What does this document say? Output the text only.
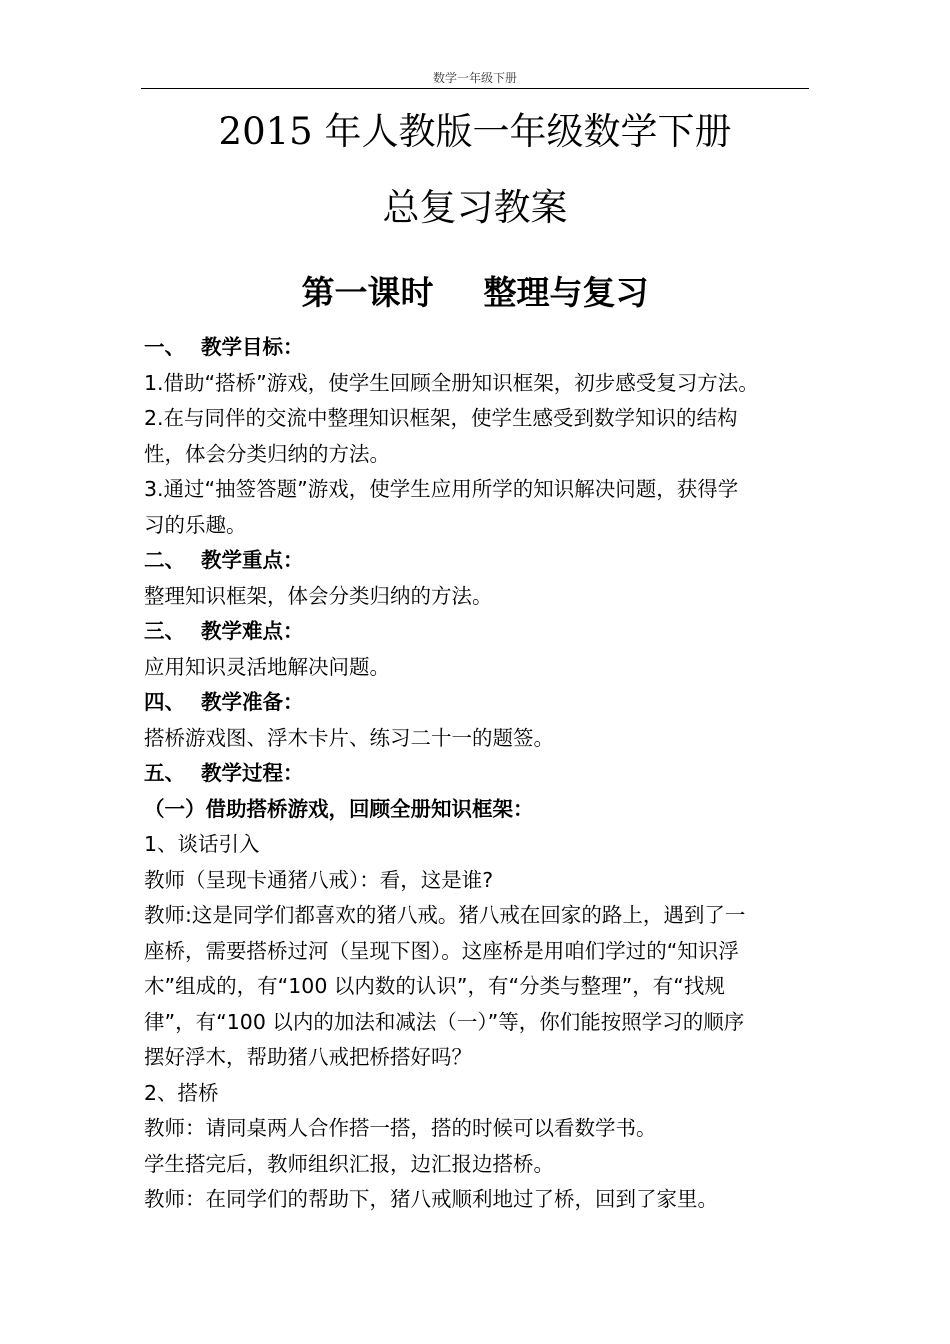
数学一年级下册
2015 年人教版一年级数学下册
总复习教案
第一课时 整理与复习
一、 教学目标：
1.借助“搭桥”游戏，使学生回顾全册知识框架，初步感受复习方法。
2.在与同伴的交流中整理知识框架，使学生感受到数学知识的结构
性，体会分类归纳的方法。
3.通过“抽签答题”游戏，使学生应用所学的知识解决问题，获得学
习的乐趣。
二、 教学重点：
整理知识框架，体会分类归纳的方法。
三、 教学难点：
应用知识灵活地解决问题。
四、 教学准备：
搭桥游戏图、浮木卡片、练习二十一的题签。
五、 教学过程：
（一）借助搭桥游戏，回顾全册知识框架：
1、谈话引入
教师（呈现卡通猪八戒）：看，这是谁?
教师:这是同学们都喜欢的猪八戒。猪八戒在回家的路上，遇到了一
座桥，需要搭桥过河（呈现下图）。这座桥是用咱们学过的“知识浮
木”组成的，有“100 以内数的认识”，有“分类与整理”，有“找规
律”，有“100 以内的加法和减法（一）”等，你们能按照学习的顺序
摆好浮木，帮助猪八戒把桥搭好吗？
2、搭桥
教师：请同桌两人合作搭一搭，搭的时候可以看数学书。
学生搭完后，教师组织汇报，边汇报边搭桥。
教师：在同学们的帮助下，猪八戒顺利地过了桥，回到了家里。
